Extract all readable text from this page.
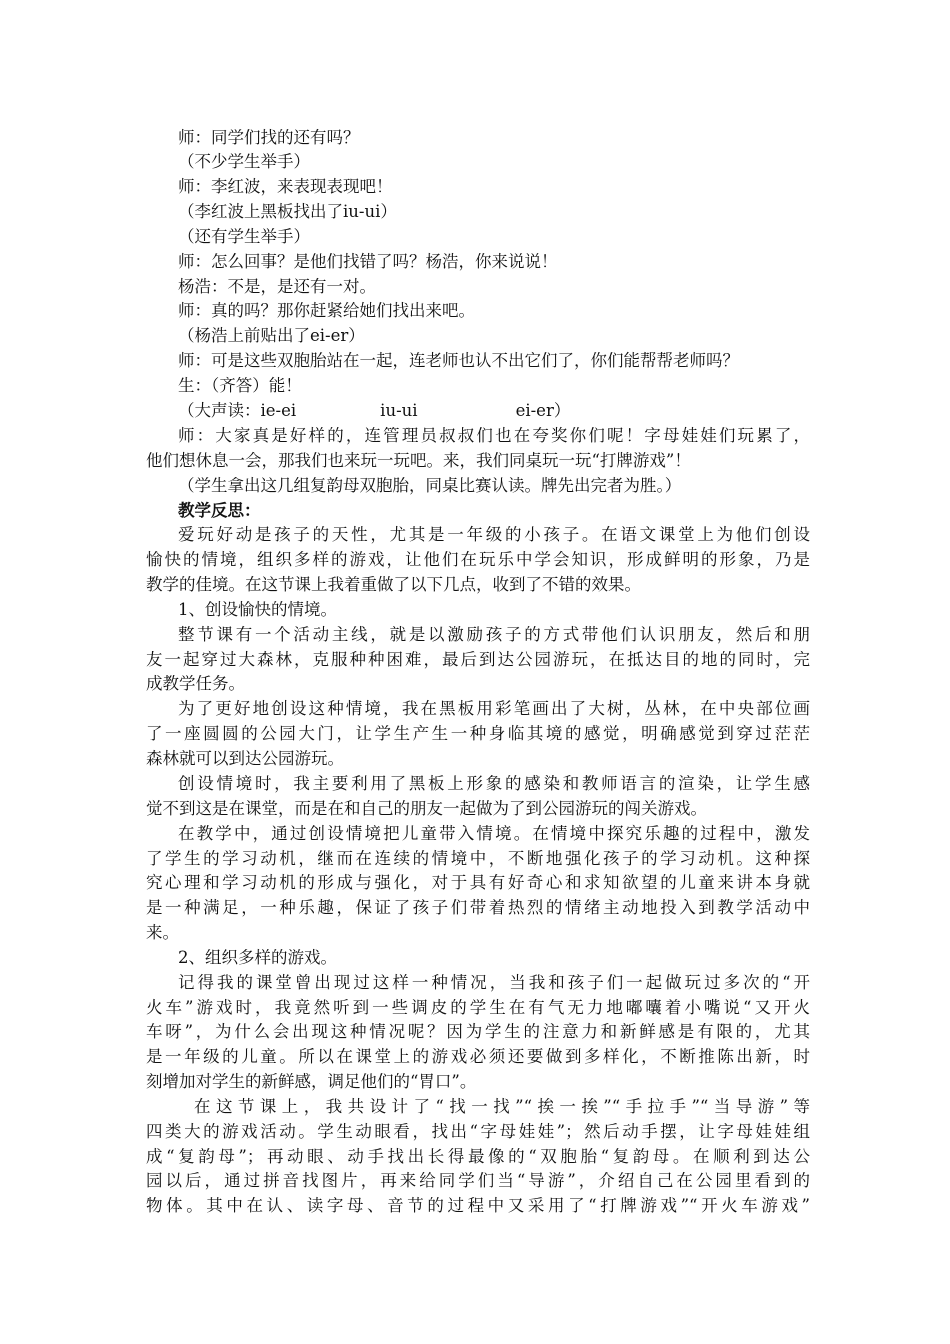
师：同学们找的还有吗？
（不少学生举手）
师：李红波，来表现表现吧！
（李红波上黑板找出了iu-ui）
（还有学生举手）
师：怎么回事？是他们找错了吗？杨浩，你来说说！
杨浩：不是，是还有一对。
师：真的吗？那你赶紧给她们找出来吧。
（杨浩上前贴出了ei-er）
师：可是这些双胞胎站在一起，连老师也认不出它们了，你们能帮帮老师吗？
生：（齐答）能！
（大声读：ie-ei	iu-ui	ei-er）
师：大家真是好样的，连管理员叔叔们也在夸奖你们呢！字母娃娃们玩累了，
他们想休息一会，那我们也来玩一玩吧。来，我们同桌玩一玩“打牌游戏”！
（学生拿出这几组复韵母双胞胎，同桌比赛认读。牌先出完者为胜。）
教学反思：
爱玩好动是孩子的天性，尤其是一年级的小孩子。在语文课堂上为他们创设
愉快的情境，组织多样的游戏，让他们在玩乐中学会知识，形成鲜明的形象，乃是
教学的佳境。在这节课上我着重做了以下几点，收到了不错的效果。
1、创设愉快的情境。
整节课有一个活动主线，就是以激励孩子的方式带他们认识朋友，然后和朋
友一起穿过大森林，克服种种困难，最后到达公园游玩，在抵达目的地的同时，完
成教学任务。
为了更好地创设这种情境，我在黑板用彩笔画出了大树，丛林，在中央部位画
了一座圆圆的公园大门，让学生产生一种身临其境的感觉，明确感觉到穿过茫茫
森林就可以到达公园游玩。
创设情境时，我主要利用了黑板上形象的感染和教师语言的渲染，让学生感
觉不到这是在课堂，而是在和自己的朋友一起做为了到公园游玩的闯关游戏。
在教学中，通过创设情境把儿童带入情境。在情境中探究乐趣的过程中，激发
了学生的学习动机，继而在连续的情境中，不断地强化孩子的学习动机。这种探
究心理和学习动机的形成与强化，对于具有好奇心和求知欲望的儿童来讲本身就
是一种满足，一种乐趣，保证了孩子们带着热烈的情绪主动地投入到教学活动中
来。
2、组织多样的游戏。
记得我的课堂曾出现过这样一种情况，当我和孩子们一起做玩过多次的“开
火车”游戏时，我竟然听到一些调皮的学生在有气无力地嘟囔着小嘴说“又开火
车呀”，为什么会出现这种情况呢？因为学生的注意力和新鲜感是有限的，尤其
是一年级的儿童。所以在课堂上的游戏必须还要做到多样化，不断推陈出新，时
刻增加对学生的新鲜感，调足他们的“胃口”。
在这节课上，我共设计了“找一找”“挨一挨”“手拉手”“当导游”等
四类大的游戏活动。学生动眼看，找出“字母娃娃”；然后动手摆，让字母娃娃组
成“复韵母”；再动眼、动手找出长得最像的“双胞胎“复韵母。在顺利到达公
园以后，通过拼音找图片，再来给同学们当“导游”，介绍自己在公园里看到的
物体。其中在认、读字母、音节的过程中又采用了“打牌游戏”“开火车游戏”
